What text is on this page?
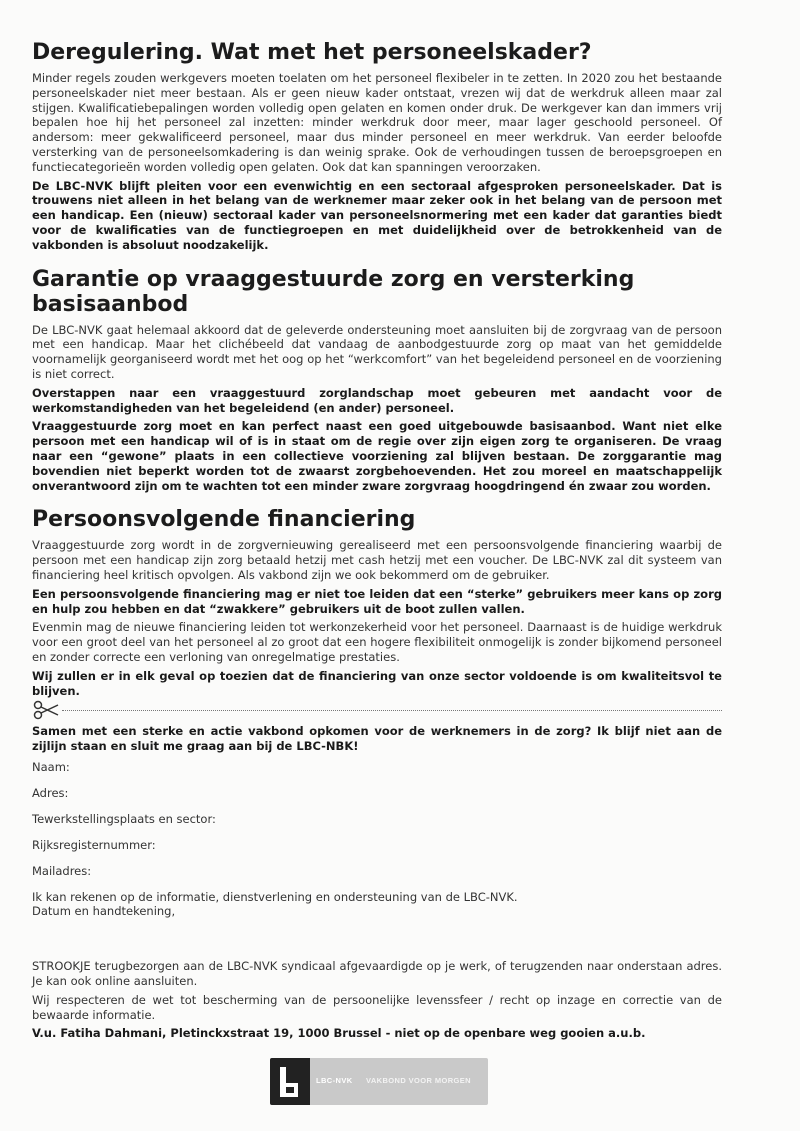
Deregulering. Wat met het personeelskader?

Minder regels zouden werkgevers moeten toelaten om het personeel flexibeler in te zetten. In 2020 zou het bestaande personeelskader niet meer bestaan. Als er geen nieuw kader ontstaat, vrezen wij dat de werkdruk alleen maar zal stijgen. Kwalificatiebepalingen worden volledig open gelaten en komen onder druk. De werkgever kan dan immers vrij bepalen hoe hij het personeel zal inzetten: minder werkdruk door meer, maar lager geschoold personeel. Of andersom: meer gekwalificeerd personeel, maar dus minder personeel en meer werkdruk. Van eerder beloofde versterking van de personeelsomkadering is dan weinig sprake. Ook de verhoudingen tussen de beroepsgroepen en functiecategorieën worden volledig open gelaten. Ook dat kan spanningen veroorzaken.

De LBC-NVK blijft pleiten voor een evenwichtig en een sectoraal afgesproken personeelskader. Dat is trouwens niet alleen in het belang van de werknemer maar zeker ook in het belang van de persoon met een handicap. Een (nieuw) sectoraal kader van personeelsnormering met een kader dat garanties biedt voor de kwalificaties van de functiegroepen en met duidelijkheid over de betrokkenheid van de vakbonden is absoluut noodzakelijk.

Garantie op vraaggestuurde zorg en versterking basisaanbod

De LBC-NVK gaat helemaal akkoord dat de geleverde ondersteuning moet aansluiten bij de zorgvraag van de persoon met een handicap. Maar het clichébeeld dat vandaag de aanbodgestuurde zorg op maat van het gemiddelde voornamelijk georganiseerd wordt met het oog op het “werkcomfort” van het begeleidend personeel en de voorziening is niet correct.

Overstappen naar een vraaggestuurd zorglandschap moet gebeuren met aandacht voor de werkomstandigheden van het begeleidend (en ander) personeel.

Vraaggestuurde zorg moet en kan perfect naast een goed uitgebouwde basisaanbod. Want niet elke persoon met een handicap wil of is in staat om de regie over zijn eigen zorg te organiseren. De vraag naar een “gewone” plaats in een collectieve voorziening zal blijven bestaan. De zorggarantie mag bovendien niet beperkt worden tot de zwaarst zorgbehoevenden. Het zou moreel en maatschappelijk onverantwoord zijn om te wachten tot een minder zware zorgvraag hoogdringend én zwaar zou worden.

Persoonsvolgende financiering

Vraaggestuurde zorg wordt in de zorgvernieuwing gerealiseerd met een persoonsvolgende financiering waarbij de persoon met een handicap zijn zorg betaald hetzij met cash hetzij met een voucher. De LBC-NVK zal dit systeem van financiering heel kritisch opvolgen. Als vakbond zijn we ook bekommerd om de gebruiker.

Een persoonsvolgende financiering mag er niet toe leiden dat een “sterke” gebruikers meer kans op zorg en hulp zou hebben en dat “zwakkere” gebruikers uit de boot zullen vallen.

Evenmin mag de nieuwe financiering leiden tot werkonzekerheid voor het personeel. Daarnaast is de huidige werkdruk voor een groot deel van het personeel al zo groot dat een hogere flexibiliteit onmogelijk is zonder bijkomend personeel en zonder correcte een verloning van onregelmatige prestaties.

Wij zullen er in elk geval op toezien dat de financiering van onze sector voldoende is om kwaliteitsvol te blijven.

Samen met een sterke en actie vakbond opkomen voor de werknemers in de zorg? Ik blijf niet aan de zijlijn staan en sluit me graag aan bij de LBC-NBK!

Naam:
Adres:
Tewerkstellingsplaats en sector:
Rijksregisternummer:
Mailadres:

Ik kan rekenen op de informatie, dienstverlening en ondersteuning van de LBC-NVK.

Datum en handtekening,

STROOKJE terugbezorgen aan de LBC-NVK syndicaal afgevaardigde op je werk, of terugzenden naar onderstaan adres. Je kan ook online aansluiten.

Wij respecteren de wet tot bescherming van de persoonelijke levenssfeer / recht op inzage en correctie van de bewaarde informatie.

V.u. Fatiha Dahmani, Pletinckxstraat 19, 1000 Brussel - niet op de openbare weg gooien a.u.b.

LBC-NVK VAKBOND VOOR MORGEN
